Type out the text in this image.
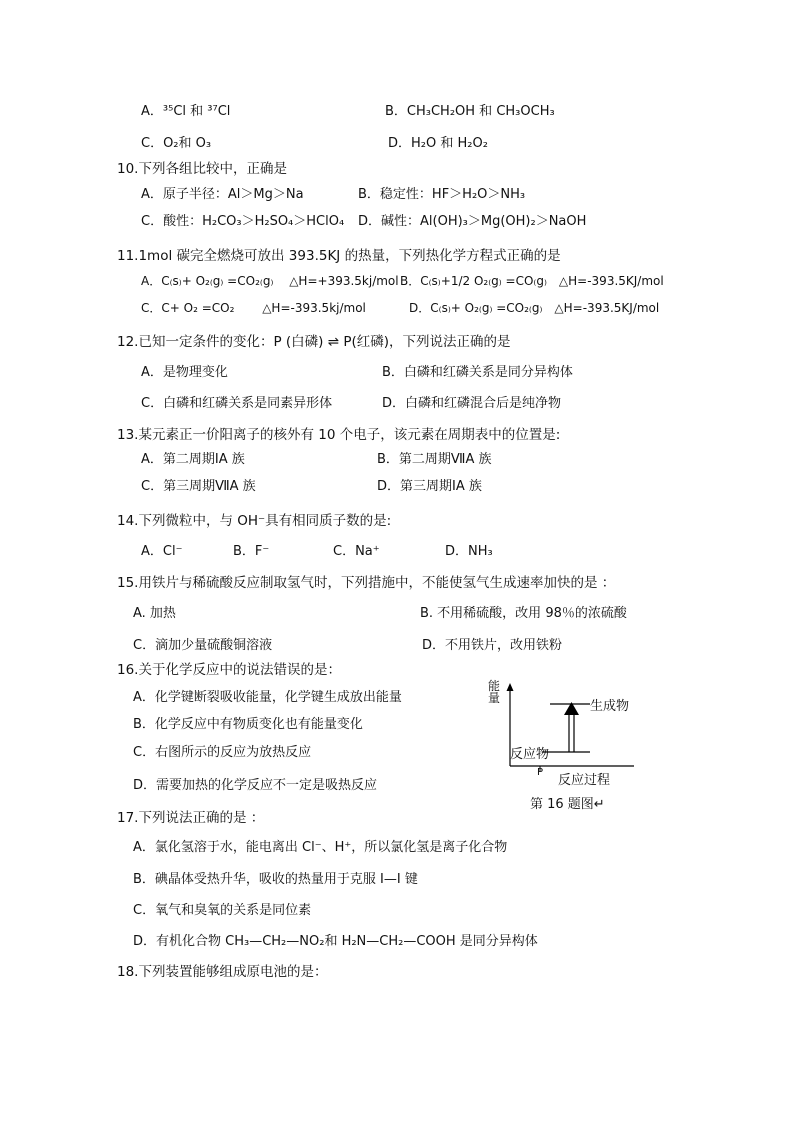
A．³⁵Cl 和 ³⁷Cl	B．CH₃CH₂OH 和 CH₃OCH₃
C．O₂和 O₃	D．H₂O 和 H₂O₂
10.下列各组比较中，正确是
A．原子半径：Al＞Mg＞Na	B．稳定性：HF＞H₂O＞NH₃
C．酸性：H₂CO₃＞H₂SO₄＞HClO₄ D．碱性：Al(OH)₃＞Mg(OH)₂＞NaOH
11.1mol 碳完全燃烧可放出 393.5KJ 的热量，下列热化学方程式正确的是
A．C₍s₎+ O₂₍g₎ =CO₂₍g₎　 △H=+393.5kj/mol B．C₍s₎+1/2 O₂₍g₎ =CO₍g₎　△H=-393.5KJ/mol
C．C+ O₂ =CO₂　　 △H=-393.5kj/mol	D．C₍s₎+ O₂₍g₎ =CO₂₍g₎　△H=-393.5KJ/mol
12.已知一定条件的变化：P (白磷) ⇌ P(红磷)，下列说法正确的是
A．是物理变化	B．白磷和红磷关系是同分异构体
C．白磷和红磷关系是同素异形体	D．白磷和红磷混合后是纯净物
13.某元素正一价阳离子的核外有 10 个电子，该元素在周期表中的位置是:
A．第二周期ⅠA 族	B．第二周期ⅦA 族
C．第三周期ⅦA 族	D．第三周期ⅠA 族
14.下列微粒中，与 OH⁻具有相同质子数的是:
A．Cl⁻	B．F⁻	C．Na⁺	D．NH₃
15.用铁片与稀硫酸反应制取氢气时，下列措施中，不能使氢气生成速率加快的是 ：
A. 加热	B. 不用稀硫酸，改用 98％的浓硫酸
C．滴加少量硫酸铜溶液	D．不用铁片，改用铁粉
16.关于化学反应中的说法错误的是：
A．化学键断裂吸收能量，化学键生成放出能量
B．化学反应中有物质变化也有能量变化
C．右图所示的反应为放热反应
D．需要加热的化学反应不一定是吸热反应
能量
生成物
反应物
P
反应过程
第 16 题图↵
17.下列说法正确的是 ：
A．氯化氢溶于水，能电离出 Cl⁻、H⁺，所以氯化氢是离子化合物
B．碘晶体受热升华，吸收的热量用于克服 I—I 键
C．氧气和臭氧的关系是同位素
D．有机化合物 CH₃—CH₂—NO₂和 H₂N—CH₂—COOH 是同分异构体
18.下列装置能够组成原电池的是：
